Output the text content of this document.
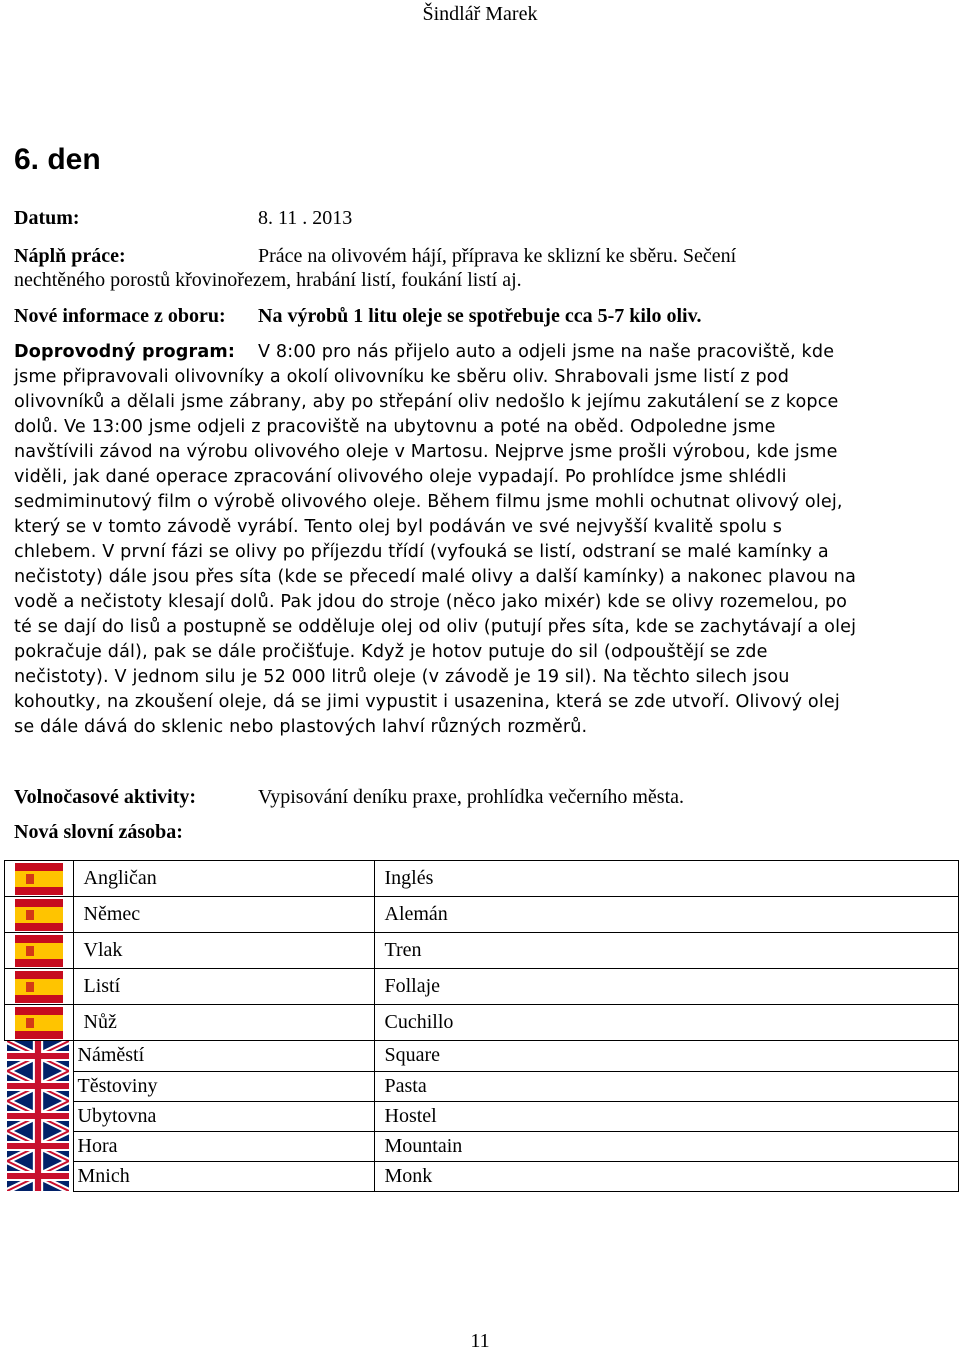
Šindlář Marek
6. den
Datum:	8. 11 . 2013
Náplň práce:	Práce na olivovém hájí, příprava ke sklizní ke sběru. Sečení
nechtěného porostů křovinořezem, hrabání listí, foukání listí aj.
Nové informace z oboru: Na výrobů 1 litu oleje se spotřebuje cca 5-7 kilo oliv.
Doprovodný program: V 8:00 pro nás přijelo auto a odjeli jsme na naše pracoviště, kde jsme připravovali olivovníky a okolí olivovníku ke sběru oliv. Shrabovali jsme listí z pod olivovníků a dělali jsme zábrany, aby po střepání oliv nedošlo k jejímu zakutálení se z kopce dolů. Ve 13:00 jsme odjeli z pracoviště na ubytovnu a poté na oběd. Odpoledne jsme navštívili závod na výrobu olivového oleje v Martosu. Nejprve jsme prošli výrobou, kde jsme viděli, jak dané operace zpracování olivového oleje vypadají. Po prohlídce jsme shlédli sedmiminutový film o výrobě olivového oleje. Během filmu jsme mohli ochutnat olivový olej, který se v tomto závodě vyrábí. Tento olej byl podáván ve své nejvyšší kvalitě spolu s chlebem. V první fázi se olivy po příjezdu třídí (vyfouká se listí, odstraní se malé kamínky a nečistoty) dále jsou přes síta (kde se přecedí malé olivy a další kamínky) a nakonec plavou na vodě a nečistoty klesají dolů. Pak jdou do stroje (něco jako mixér) kde se olivy rozemelou, po té se dají do lisů a postupně se odděluje olej od oliv (putují přes síta, kde se zachytávají a olej pokračuje dál), pak se dále pročišťuje. Když je hotov putuje do sil (odpouštějí se zde nečistoty). V jednom silu je 52 000 litrů oleje (v závodě je 19 sil). Na těchto silech jsou kohoutky, na zkoušení oleje, dá se jimi vypustit i usazenina, která se zde utvoří. Olivový olej se dále dává do sklenic nebo plastových lahví různých rozměrů.
Volnočasové aktivity:	Vypisování deníku praxe, prohlídka večerního města.
Nová slovní zásoba:
	Angličan	Inglés
	Němec	Alemán
	Vlak	Tren
	Listí	Follaje
	Nůž	Cuchillo
	Náměstí	Square
	Těstoviny	Pasta
	Ubytovna	Hostel
	Hora	Mountain
	Mnich	Monk
11
